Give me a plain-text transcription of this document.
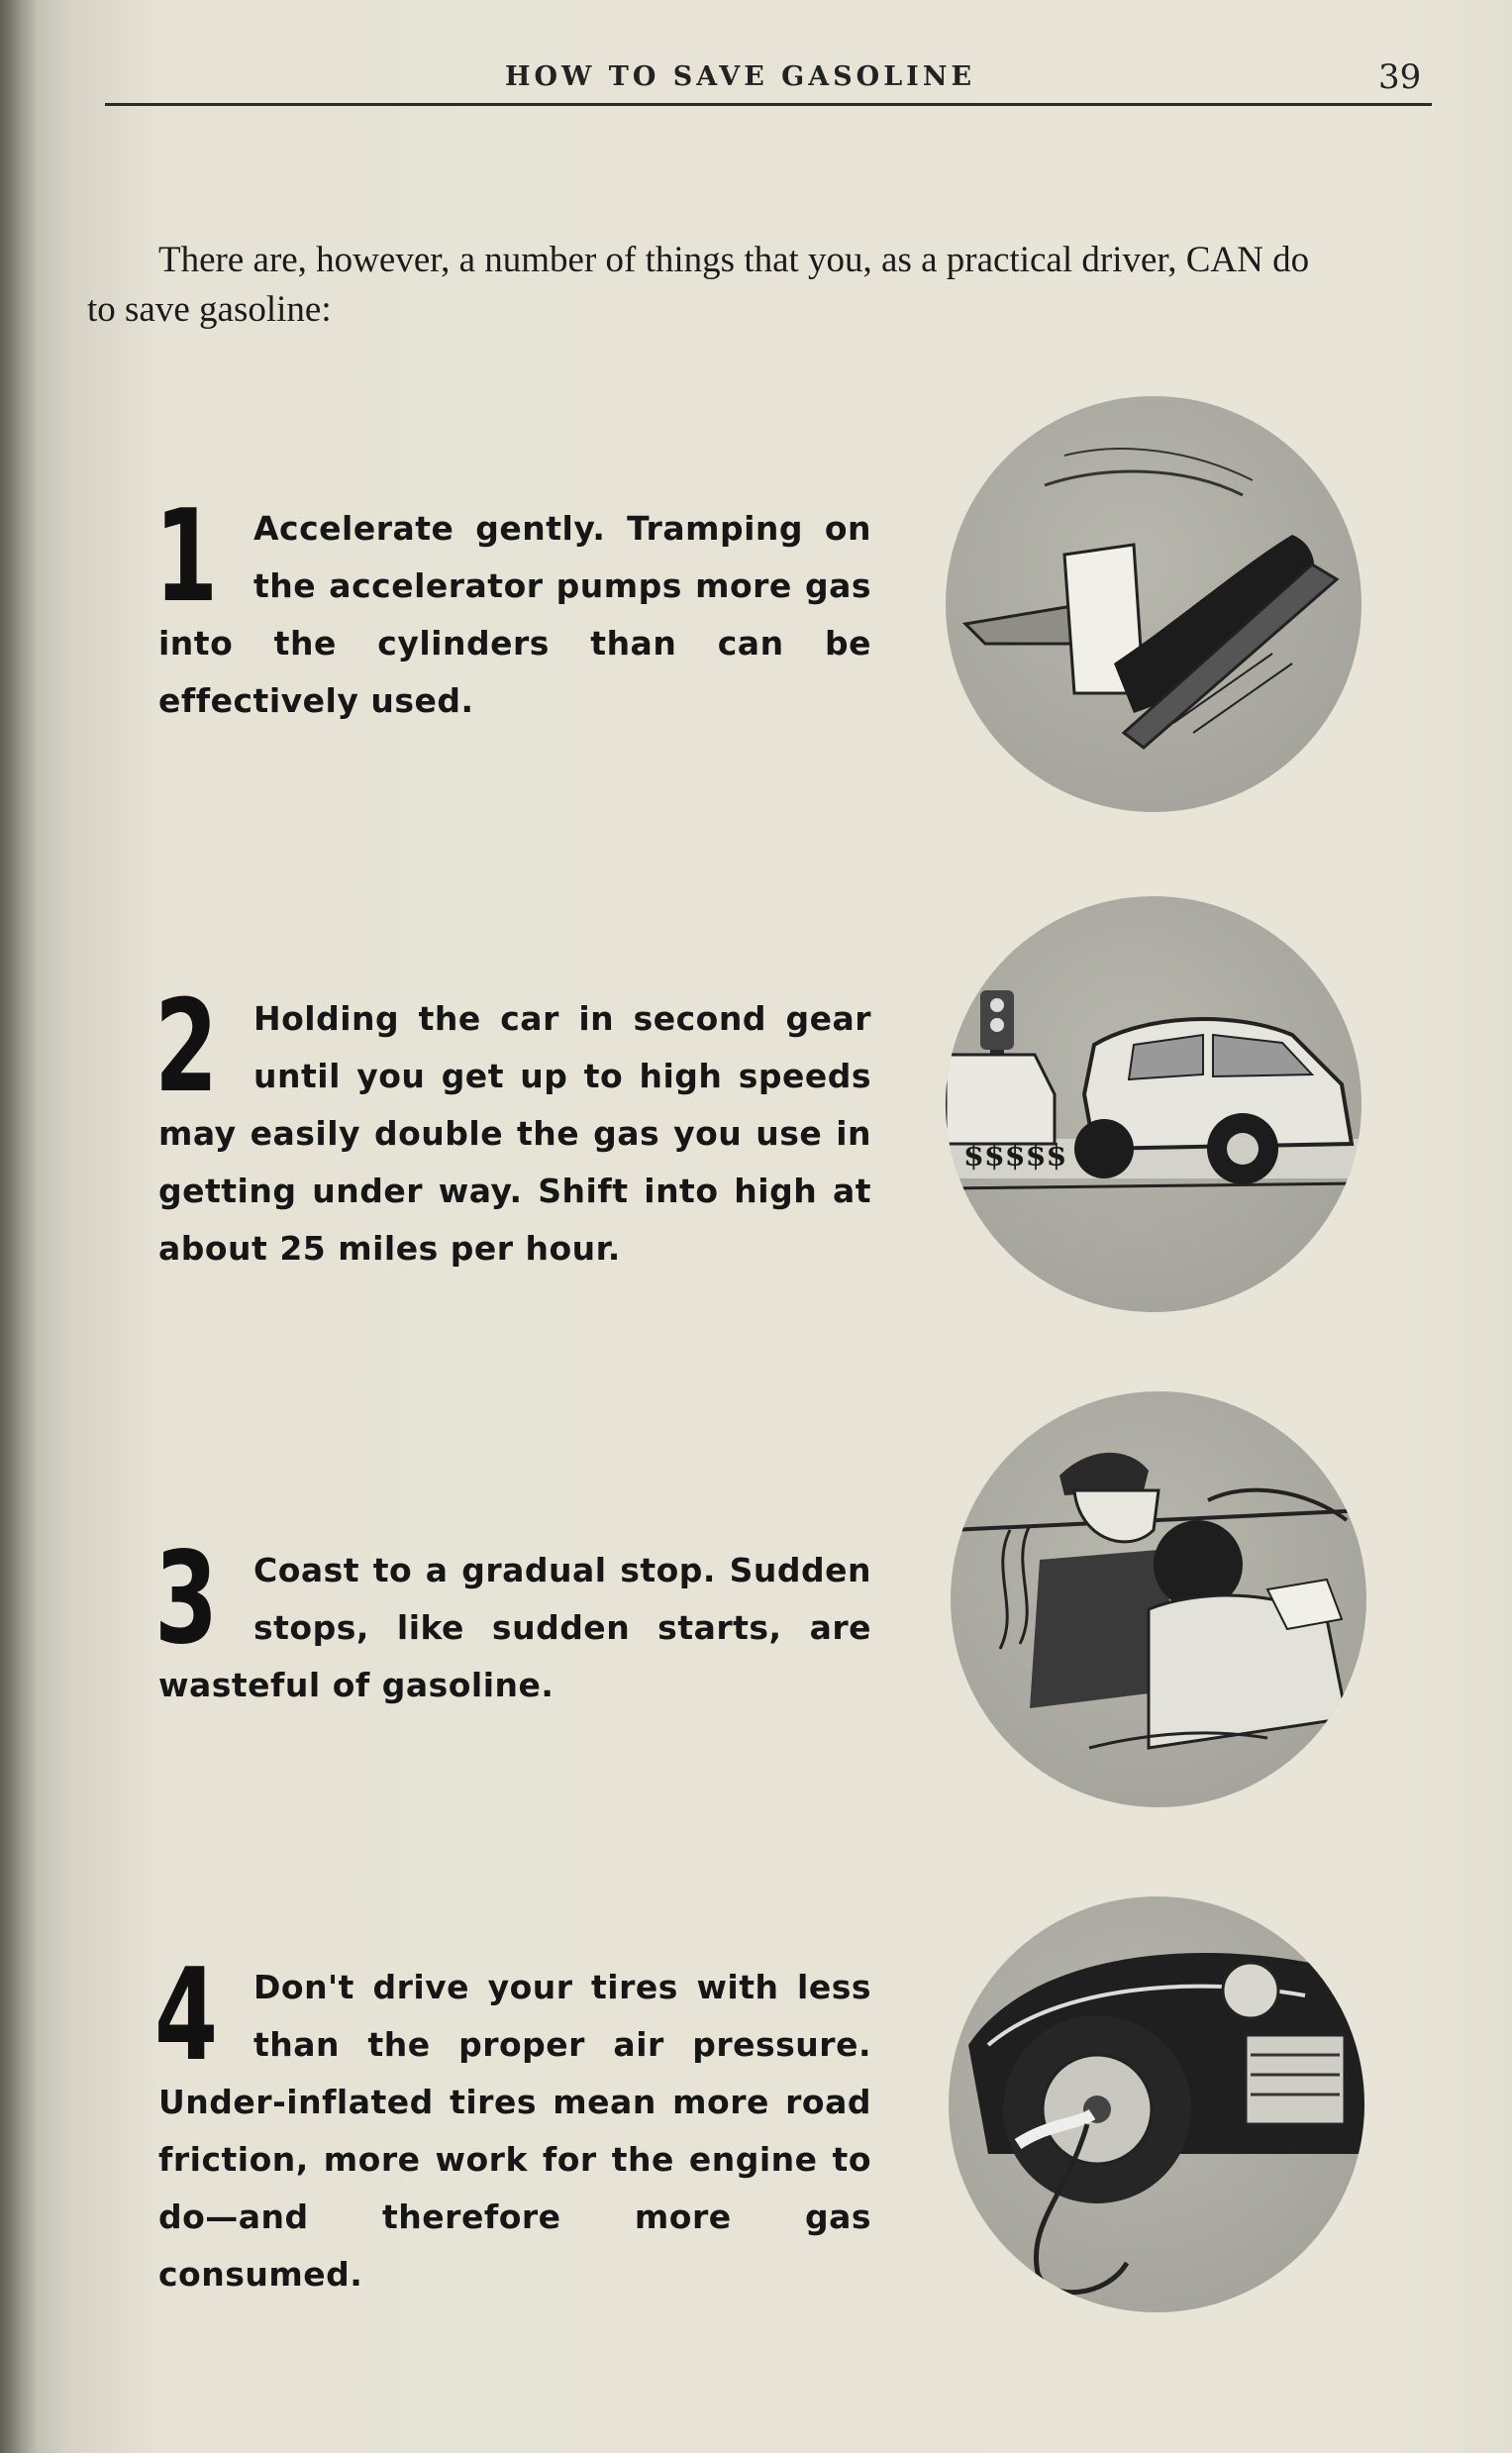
HOW TO SAVE GASOLINE	39

There are, however, a number of things that you, as a practical driver, CAN do to save gasoline:

1 Accelerate gently. Tramping on the accelerator pumps more gas into the cylinders than can be effectively used.
2 Holding the car in second gear until you get up to high speeds may easily double the gas you use in getting under way. Shift into high at about 25 miles per hour.
$$$$$
3 Coast to a gradual stop. Sudden stops, like sudden starts, are wasteful of gasoline.
4 Don't drive your tires with less than the proper air pressure. Under-inflated tires mean more road friction, more work for the engine to do—and therefore more gas consumed.
